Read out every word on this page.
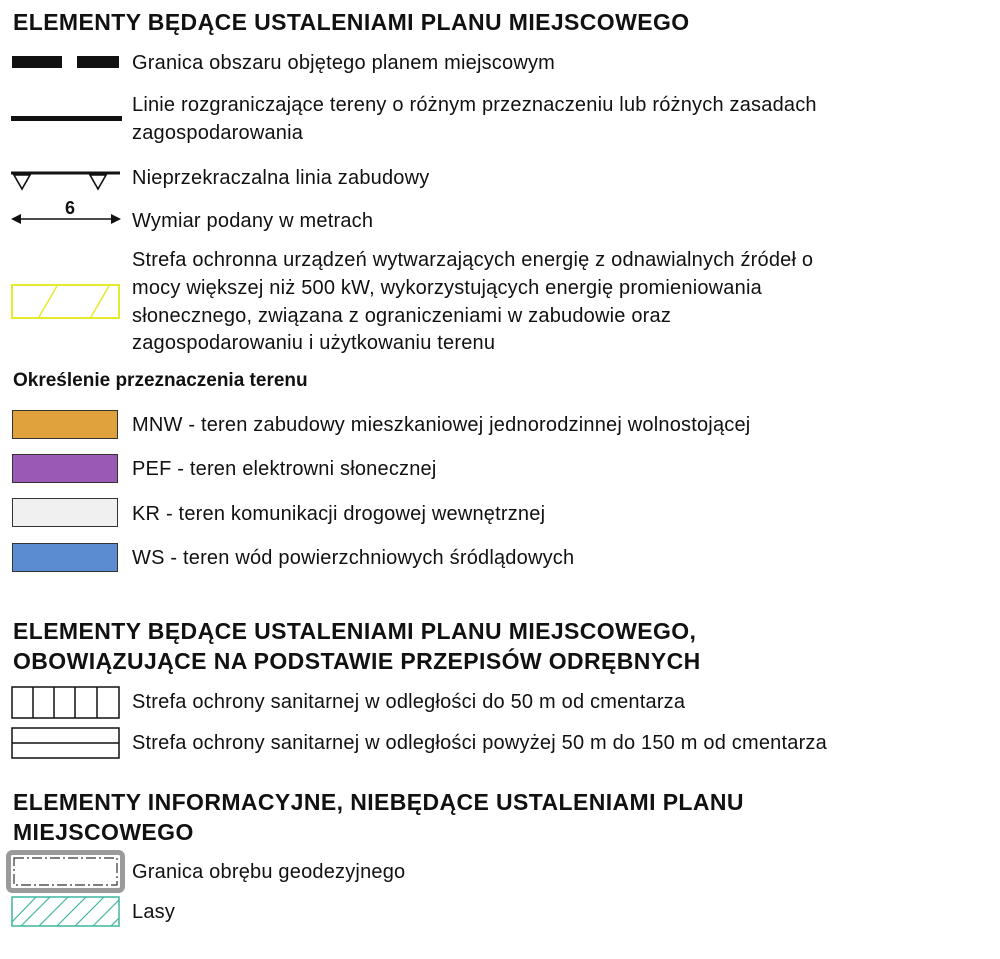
ELEMENTY BĘDĄCE USTALENIAMI PLANU MIEJSCOWEGO

Granica obszaru objętego planem miejscowym

Linie rozgraniczające tereny o różnym przeznaczeniu lub różnych zasadach

zagospodarowania

Nieprzekraczalna linia zabudowy

6

Wymiar podany w metrach

Strefa ochronna urządzeń wytwarzających energię z odnawialnych źródeł o

mocy większej niż 500 kW, wykorzystujących energię promieniowania

słonecznego, związana z ograniczeniami w zabudowie oraz

zagospodarowaniu i użytkowaniu terenu

Określenie przeznaczenia terenu

MNW - teren zabudowy mieszkaniowej jednorodzinnej wolnostojącej

PEF - teren elektrowni słonecznej

KR - teren komunikacji drogowej wewnętrznej

WS - teren wód powierzchniowych śródlądowych

ELEMENTY BĘDĄCE USTALENIAMI PLANU MIEJSCOWEGO,
OBOWIĄZUJĄCE NA PODSTAWIE PRZEPISÓW ODRĘBNYCH

Strefa ochrony sanitarnej w odległości do 50 m od cmentarza

Strefa ochrony sanitarnej w odległości powyżej 50 m do 150 m od cmentarza

ELEMENTY INFORMACYJNE, NIEBĘDĄCE USTALENIAMI PLANU
MIEJSCOWEGO

Granica obrębu geodezyjnego

Lasy
